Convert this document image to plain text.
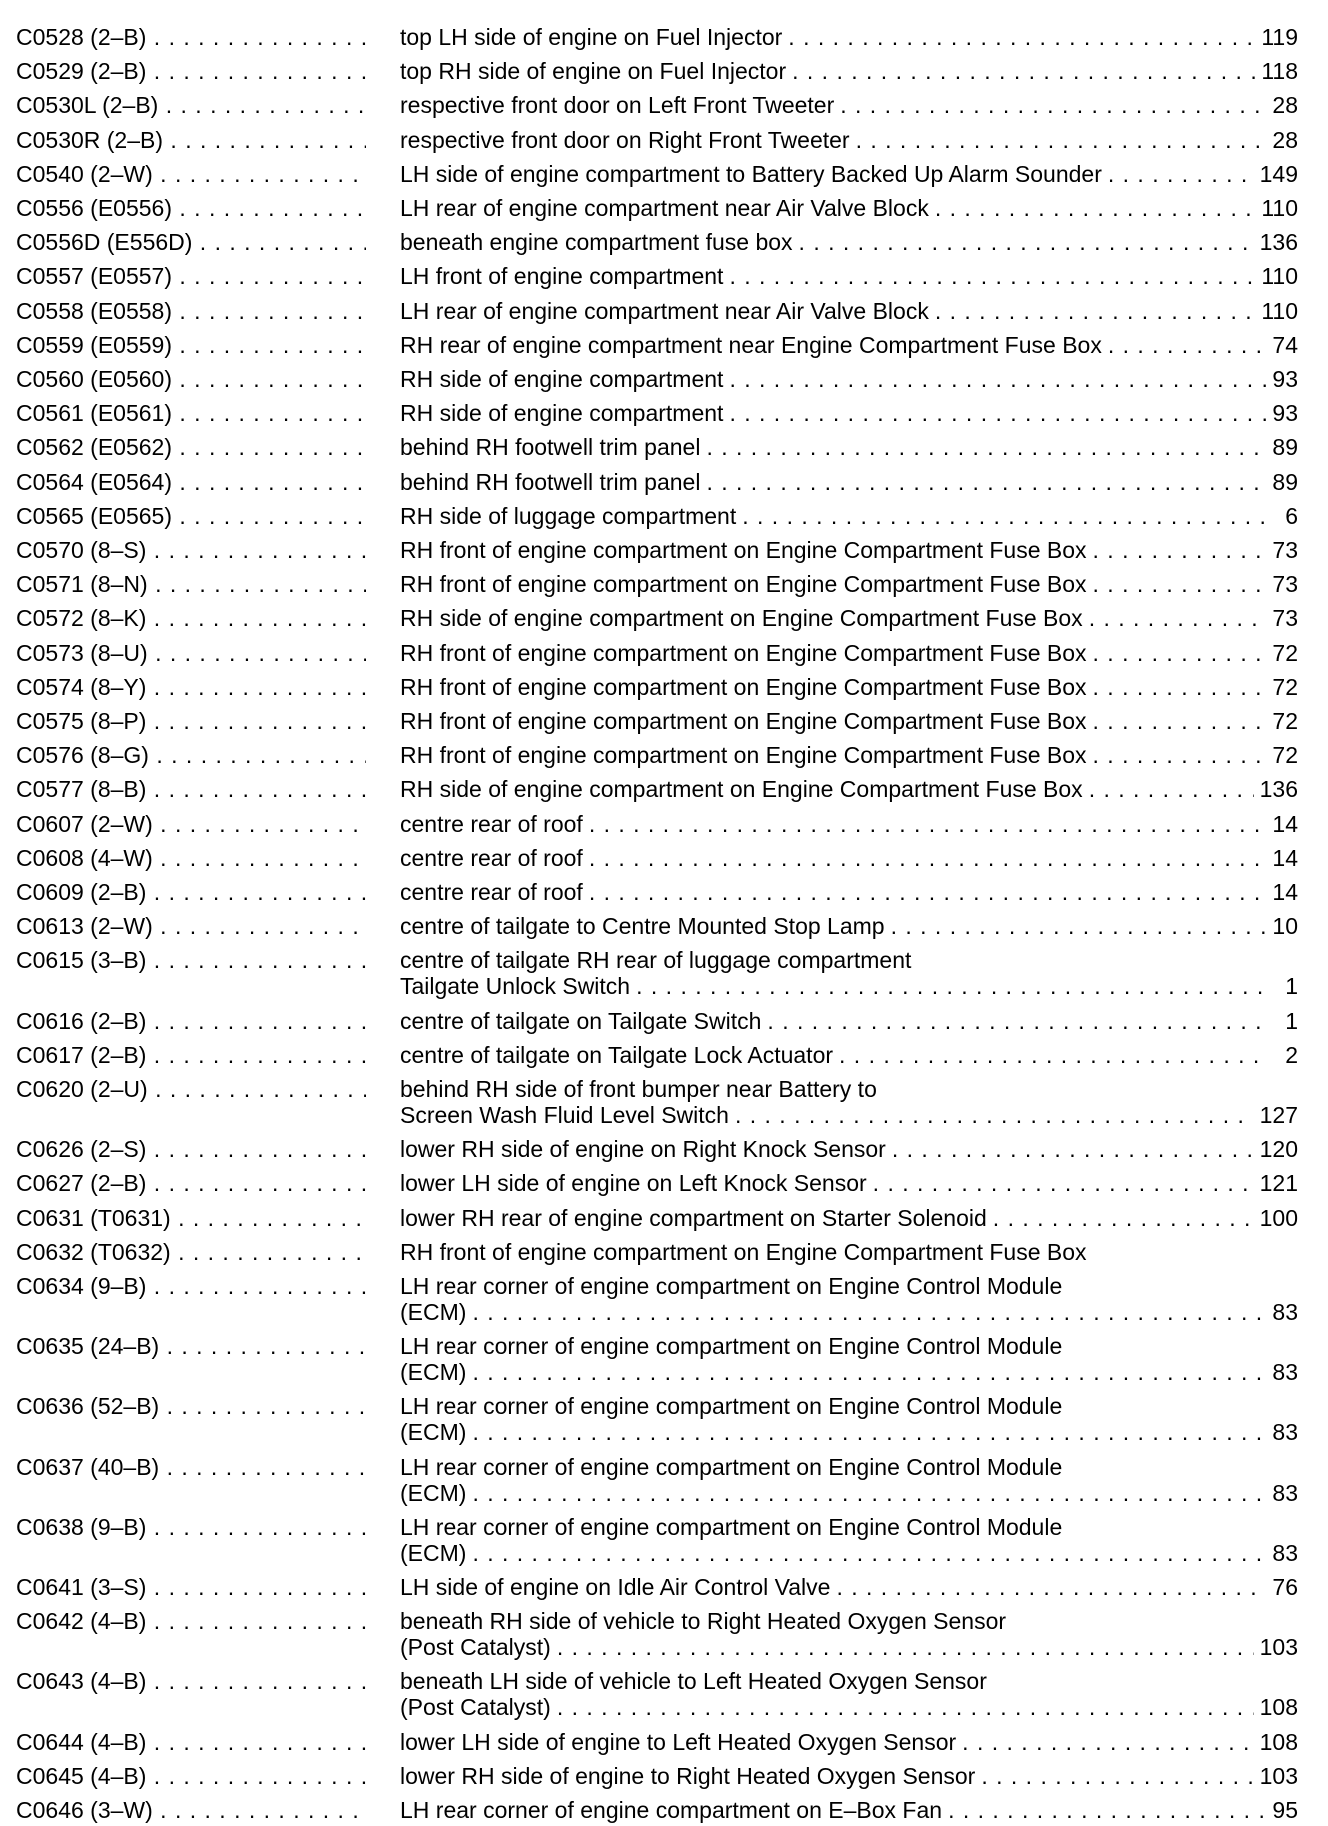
C0528 (2–B) . . .	top LH side of engine on Fuel Injector . . .	119
C0529 (2–B) . . .	top RH side of engine on Fuel Injector . . .	118
C0530L (2–B) . . .	respective front door on Left Front Tweeter . . .	28
C0530R (2–B) . . .	respective front door on Right Front Tweeter . . .	28
C0540 (2–W) . . .	LH side of engine compartment to Battery Backed Up Alarm Sounder . . .	149
C0556 (E0556) . . .	LH rear of engine compartment near Air Valve Block . . .	110
C0556D (E556D) . . .	beneath engine compartment fuse box . . .	136
C0557 (E0557) . . .	LH front of engine compartment . . .	110
C0558 (E0558) . . .	LH rear of engine compartment near Air Valve Block . . .	110
C0559 (E0559) . . .	RH rear of engine compartment near Engine Compartment Fuse Box . . .	74
C0560 (E0560) . . .	RH side of engine compartment . . .	93
C0561 (E0561) . . .	RH side of engine compartment . . .	93
C0562 (E0562) . . .	behind RH footwell trim panel . . .	89
C0564 (E0564) . . .	behind RH footwell trim panel . . .	89
C0565 (E0565) . . .	RH side of luggage compartment . . .	6
C0570 (8–S) . . .	RH front of engine compartment on Engine Compartment Fuse Box . . .	73
C0571 (8–N) . . .	RH front of engine compartment on Engine Compartment Fuse Box . . .	73
C0572 (8–K) . . .	RH side of engine compartment on Engine Compartment Fuse Box . . .	73
C0573 (8–U) . . .	RH front of engine compartment on Engine Compartment Fuse Box . . .	72
C0574 (8–Y) . . .	RH front of engine compartment on Engine Compartment Fuse Box . . .	72
C0575 (8–P) . . .	RH front of engine compartment on Engine Compartment Fuse Box . . .	72
C0576 (8–G) . . .	RH front of engine compartment on Engine Compartment Fuse Box . . .	72
C0577 (8–B) . . .	RH side of engine compartment on Engine Compartment Fuse Box . . .	136
C0607 (2–W) . . .	centre rear of roof . . .	14
C0608 (4–W) . . .	centre rear of roof . . .	14
C0609 (2–B) . . .	centre rear of roof . . .	14
C0613 (2–W) . . .	centre of tailgate to Centre Mounted Stop Lamp . . .	10
C0615 (3–B) . . .	centre of tailgate RH rear of luggage compartment
Tailgate Unlock Switch . . .	1
C0616 (2–B) . . .	centre of tailgate on Tailgate Switch . . .	1
C0617 (2–B) . . .	centre of tailgate on Tailgate Lock Actuator . . .	2
C0620 (2–U) . . .	behind RH side of front bumper near Battery to
Screen Wash Fluid Level Switch . . .	127
C0626 (2–S) . . .	lower RH side of engine on Right Knock Sensor . . .	120
C0627 (2–B) . . .	lower LH side of engine on Left Knock Sensor . . .	121
C0631 (T0631) . . .	lower RH rear of engine compartment on Starter Solenoid . . .	100
C0632 (T0632) . . .	RH front of engine compartment on Engine Compartment Fuse Box
C0634 (9–B) . . .	LH rear corner of engine compartment on Engine Control Module
(ECM) . . .	83
C0635 (24–B) . . .	LH rear corner of engine compartment on Engine Control Module
(ECM) . . .	83
C0636 (52–B) . . .	LH rear corner of engine compartment on Engine Control Module
(ECM) . . .	83
C0637 (40–B) . . .	LH rear corner of engine compartment on Engine Control Module
(ECM) . . .	83
C0638 (9–B) . . .	LH rear corner of engine compartment on Engine Control Module
(ECM) . . .	83
C0641 (3–S) . . .	LH side of engine on Idle Air Control Valve . . .	76
C0642 (4–B) . . .	beneath RH side of vehicle to Right Heated Oxygen Sensor
(Post Catalyst) . . .	103
C0643 (4–B) . . .	beneath LH side of vehicle to Left Heated Oxygen Sensor
(Post Catalyst) . . .	108
C0644 (4–B) . . .	lower LH side of engine to Left Heated Oxygen Sensor . . .	108
C0645 (4–B) . . .	lower RH side of engine to Right Heated Oxygen Sensor . . .	103
C0646 (3–W) . . .	LH rear corner of engine compartment on E–Box Fan . . .	95
